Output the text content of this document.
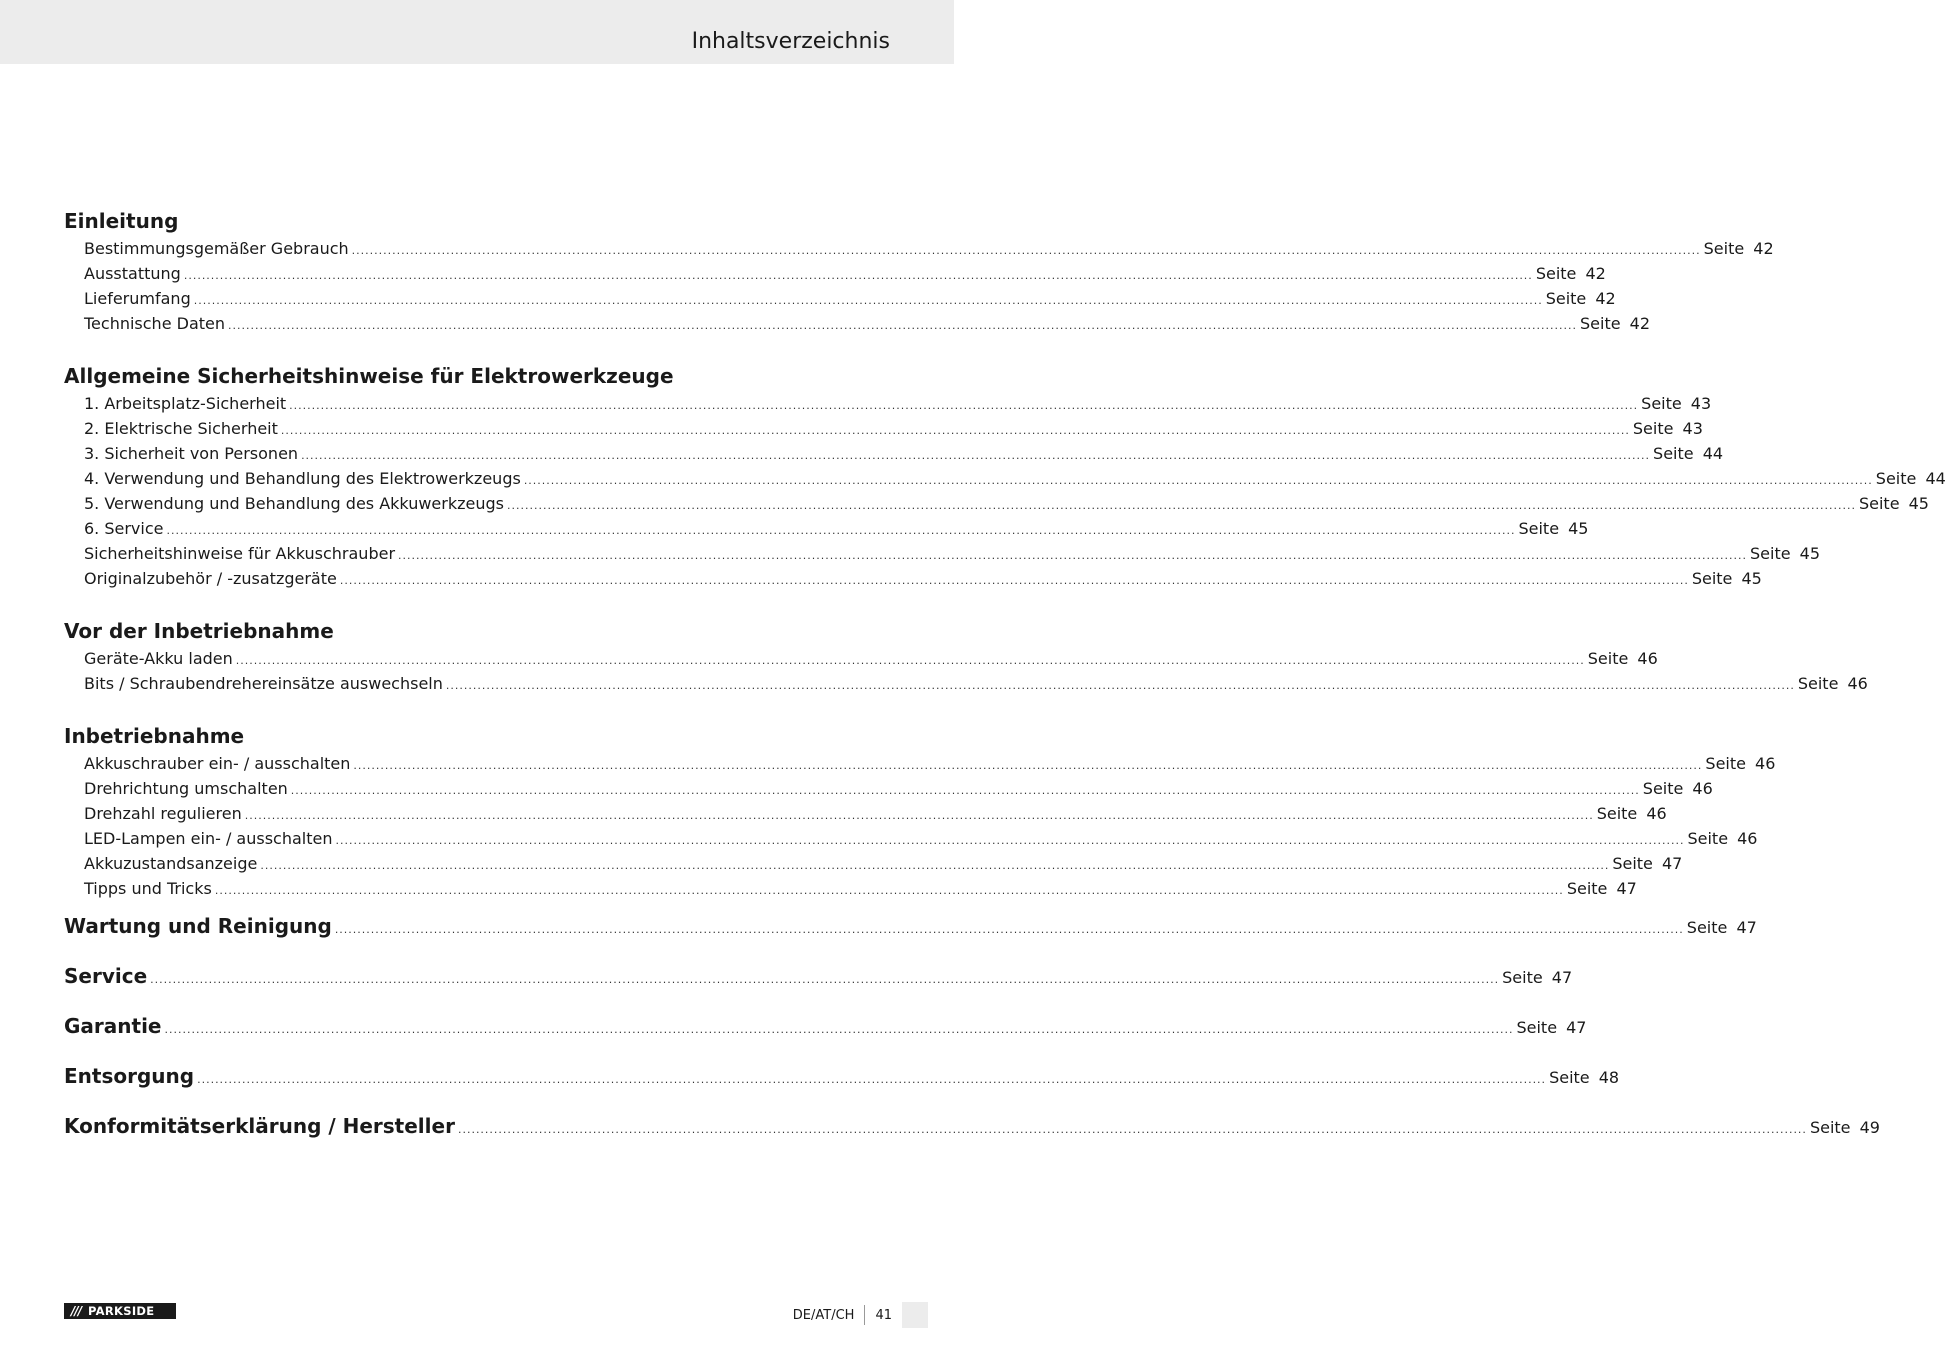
Inhaltsverzeichnis
Einleitung
Bestimmungsgemäßer Gebrauch ............................................................................................................................................................................................................................................................................................................ Seite 42
Ausstattung ............................................................................................................................................................................................................................................................................................................ Seite 42
Lieferumfang ............................................................................................................................................................................................................................................................................................................ Seite 42
Technische Daten ............................................................................................................................................................................................................................................................................................................ Seite 42
Allgemeine Sicherheitshinweise für Elektrowerkzeuge
1. Arbeitsplatz-Sicherheit ............................................................................................................................................................................................................................................................................................................ Seite 43
2. Elektrische Sicherheit ............................................................................................................................................................................................................................................................................................................ Seite 43
3. Sicherheit von Personen ............................................................................................................................................................................................................................................................................................................ Seite 44
4. Verwendung und Behandlung des Elektrowerkzeugs ............................................................................................................................................................................................................................................................................................................ Seite 44
5. Verwendung und Behandlung des Akkuwerkzeugs ............................................................................................................................................................................................................................................................................................................ Seite 45
6. Service ............................................................................................................................................................................................................................................................................................................ Seite 45
Sicherheitshinweise für Akkuschrauber ............................................................................................................................................................................................................................................................................................................ Seite 45
Originalzubehör / -zusatzgeräte ............................................................................................................................................................................................................................................................................................................ Seite 45
Vor der Inbetriebnahme
Geräte-Akku laden ............................................................................................................................................................................................................................................................................................................ Seite 46
Bits / Schraubendrehereinsätze auswechseln ............................................................................................................................................................................................................................................................................................................ Seite 46
Inbetriebnahme
Akkuschrauber ein- / ausschalten ............................................................................................................................................................................................................................................................................................................ Seite 46
Drehrichtung umschalten ............................................................................................................................................................................................................................................................................................................ Seite 46
Drehzahl regulieren ............................................................................................................................................................................................................................................................................................................ Seite 46
LED-Lampen ein- / ausschalten ............................................................................................................................................................................................................................................................................................................ Seite 46
Akkuzustandsanzeige ............................................................................................................................................................................................................................................................................................................ Seite 47
Tipps und Tricks ............................................................................................................................................................................................................................................................................................................ Seite 47
Wartung und Reinigung ............................................................................................................................................................................................................................................................................................................ Seite 47
Service ............................................................................................................................................................................................................................................................................................................ Seite 47
Garantie ............................................................................................................................................................................................................................................................................................................ Seite 47
Entsorgung ............................................................................................................................................................................................................................................................................................................ Seite 48
Konformitätserklärung / Hersteller ............................................................................................................................................................................................................................................................................................................ Seite 49
/// PARKSIDE	DE/AT/CH	41
